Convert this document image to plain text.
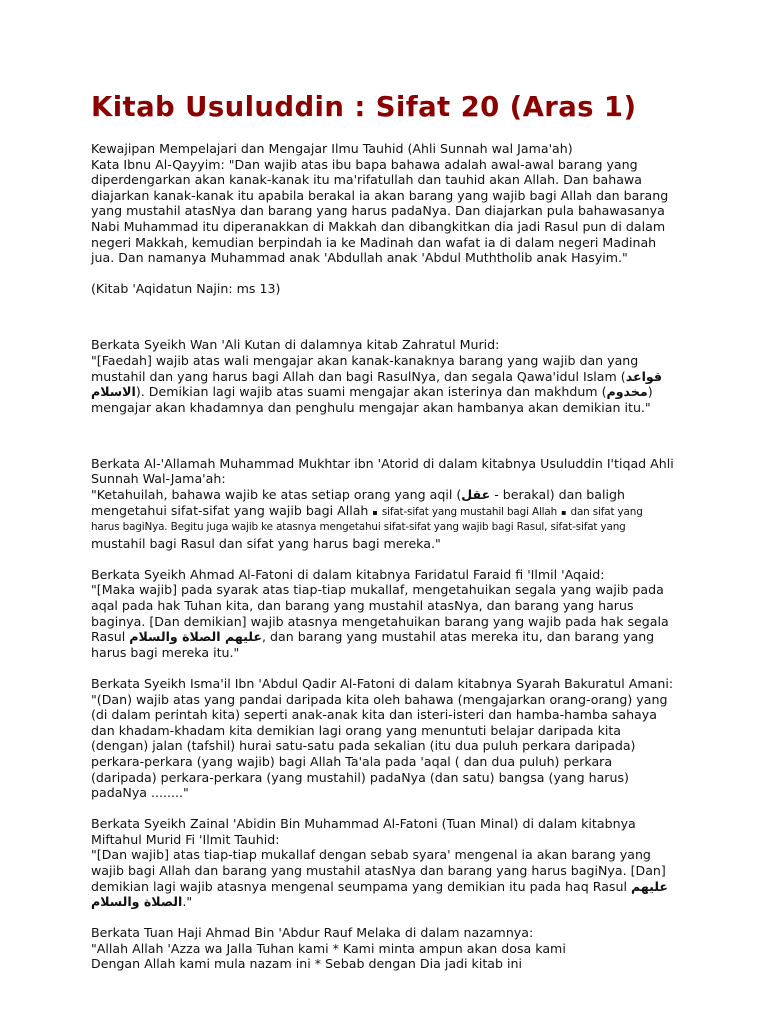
Kitab Usuluddin : Sifat 20 (Aras 1)
Kewajipan Mempelajari dan Mengajar Ilmu Tauhid (Ahli Sunnah wal Jama'ah)
Kata Ibnu Al-Qayyim: "Dan wajib atas ibu bapa bahawa adalah awal-awal barang yang
diperdengarkan akan kanak-kanak itu ma'rifatullah dan tauhid akan Allah. Dan bahawa
diajarkan kanak-kanak itu apabila berakal ia akan barang yang wajib bagi Allah dan barang
yang mustahil atasNya dan barang yang harus padaNya. Dan diajarkan pula bahawasanya
Nabi Muhammad itu diperanakkan di Makkah dan dibangkitkan dia jadi Rasul pun di dalam
negeri Makkah, kemudian berpindah ia ke Madinah dan wafat ia di dalam negeri Madinah
jua. Dan namanya Muhammad anak 'Abdullah anak 'Abdul Muththolib anak Hasyim."
(Kitab 'Aqidatun Najin: ms 13)
Berkata Syeikh Wan 'Ali Kutan di dalamnya kitab Zahratul Murid:
"[Faedah] wajib atas wali mengajar akan kanak-kanaknya barang yang wajib dan yang
mustahil dan yang harus bagi Allah dan bagi RasulNya, dan segala Qawa'idul Islam (قواعد
الاسلام). Demikian lagi wajib atas suami mengajar akan isterinya dan makhdum (مخدوم)
mengajar akan khadamnya dan penghulu mengajar akan hambanya akan demikian itu."
Berkata Al-'Allamah Muhammad Mukhtar ibn 'Atorid di dalam kitabnya Usuluddin I'tiqad Ahli
Sunnah Wal-Jama'ah:
"Ketahuilah, bahawa wajib ke atas setiap orang yang aqil (عقل - berakal) dan baligh
mengetahui sifat-sifat yang wajib bagi Allah ▪ sifat-sifat yang mustahil bagi Allah ▪ dan sifat yang
harus bagiNya. Begitu juga wajib ke atasnya mengetahui sifat-sifat yang wajib bagi Rasul, sifat-sifat yang
mustahil bagi Rasul dan sifat yang harus bagi mereka."
Berkata Syeikh Ahmad Al-Fatoni di dalam kitabnya Faridatul Faraid fi 'Ilmil 'Aqaid:
"[Maka wajib] pada syarak atas tiap-tiap mukallaf, mengetahuikan segala yang wajib pada
aqal pada hak Tuhan kita, dan barang yang mustahil atasNya, dan barang yang harus
baginya. [Dan demikian] wajib atasnya mengetahuikan barang yang wajib pada hak segala
Rasul عليهم الصلاة والسلام, dan barang yang mustahil atas mereka itu, dan barang yang
harus bagi mereka itu."
Berkata Syeikh Isma'il Ibn 'Abdul Qadir Al-Fatoni di dalam kitabnya Syarah Bakuratul Amani:
"(Dan) wajib atas yang pandai daripada kita oleh bahawa (mengajarkan orang-orang) yang
(di dalam perintah kita) seperti anak-anak kita dan isteri-isteri dan hamba-hamba sahaya
dan khadam-khadam kita demikian lagi orang yang menuntuti belajar daripada kita
(dengan) jalan (tafshil) hurai satu-satu pada sekalian (itu dua puluh perkara daripada)
perkara-perkara (yang wajib) bagi Allah Ta'ala pada 'aqal ( dan dua puluh) perkara
(daripada) perkara-perkara (yang mustahil) padaNya (dan satu) bangsa (yang harus)
padaNya ........"
Berkata Syeikh Zainal 'Abidin Bin Muhammad Al-Fatoni (Tuan Minal) di dalam kitabnya
Miftahul Murid Fi 'Ilmit Tauhid:
"[Dan wajib] atas tiap-tiap mukallaf dengan sebab syara' mengenal ia akan barang yang
wajib bagi Allah dan barang yang mustahil atasNya dan barang yang harus bagiNya. [Dan]
demikian lagi wajib atasnya mengenal seumpama yang demikian itu pada haq Rasul عليهم
الصلاة والسلام."
Berkata Tuan Haji Ahmad Bin 'Abdur Rauf Melaka di dalam nazamnya:
"Allah Allah 'Azza wa Jalla Tuhan kami * Kami minta ampun akan dosa kami
Dengan Allah kami mula nazam ini * Sebab dengan Dia jadi kitab ini
